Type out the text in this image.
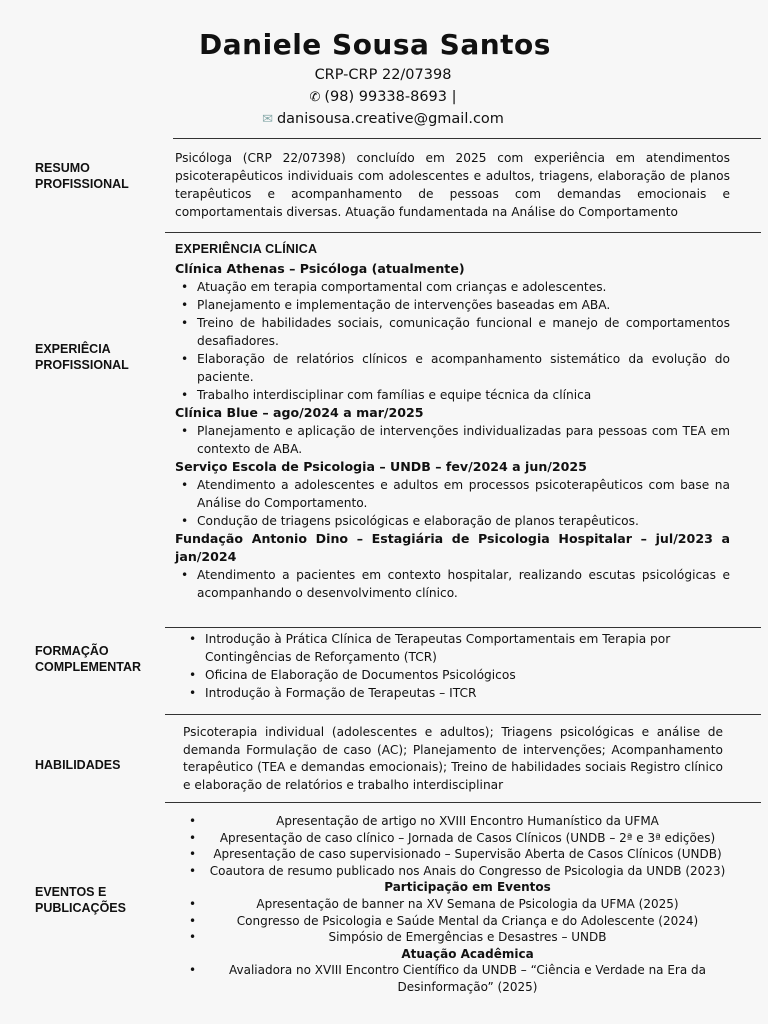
Daniele Sousa Santos
CRP-CRP 22/07398
✆ (98) 99338-8693 |
✉ danisousa.creative@gmail.com
RESUMO PROFISSIONAL
Psicóloga (CRP 22/07398) concluído em 2025 com experiência em atendimentos psicoterapêuticos individuais com adolescentes e adultos, triagens, elaboração de planos terapêuticos e acompanhamento de pessoas com demandas emocionais e comportamentais diversas. Atuação fundamentada na Análise do Comportamento
EXPERIÊCIA PROFISSIONAL
EXPERIÊNCIA CLÍNICA
Clínica Athenas – Psicóloga (atualmente)
• Atuação em terapia comportamental com crianças e adolescentes.
• Planejamento e implementação de intervenções baseadas em ABA.
• Treino de habilidades sociais, comunicação funcional e manejo de comportamentos desafiadores.
• Elaboração de relatórios clínicos e acompanhamento sistemático da evolução do paciente.
• Trabalho interdisciplinar com famílias e equipe técnica da clínica
Clínica Blue – ago/2024 a mar/2025
• Planejamento e aplicação de intervenções individualizadas para pessoas com TEA em contexto de ABA.
Serviço Escola de Psicologia – UNDB – fev/2024 a jun/2025
• Atendimento a adolescentes e adultos em processos psicoterapêuticos com base na Análise do Comportamento.
• Condução de triagens psicológicas e elaboração de planos terapêuticos.
Fundação Antonio Dino – Estagiária de Psicologia Hospitalar – jul/2023 a jan/2024
• Atendimento a pacientes em contexto hospitalar, realizando escutas psicológicas e acompanhando o desenvolvimento clínico.
FORMAÇÃO COMPLEMENTAR
• Introdução à Prática Clínica de Terapeutas Comportamentais em Terapia por Contingências de Reforçamento (TCR)
• Oficina de Elaboração de Documentos Psicológicos
• Introdução à Formação de Terapeutas – ITCR
HABILIDADES
Psicoterapia individual (adolescentes e adultos); Triagens psicológicas e análise de demanda Formulação de caso (AC); Planejamento de intervenções; Acompanhamento terapêutico (TEA e demandas emocionais); Treino de habilidades sociais Registro clínico e elaboração de relatórios e trabalho interdisciplinar
EVENTOS E PUBLICAÇÕES
• Apresentação de artigo no XVIII Encontro Humanístico da UFMA
• Apresentação de caso clínico – Jornada de Casos Clínicos (UNDB – 2ª e 3ª edições)
• Apresentação de caso supervisionado – Supervisão Aberta de Casos Clínicos (UNDB)
• Coautora de resumo publicado nos Anais do Congresso de Psicologia da UNDB (2023)
Participação em Eventos
• Apresentação de banner na XV Semana de Psicologia da UFMA (2025)
• Congresso de Psicologia e Saúde Mental da Criança e do Adolescente (2024)
• Simpósio de Emergências e Desastres – UNDB
Atuação Acadêmica
• Avaliadora no XVIII Encontro Científico da UNDB – “Ciência e Verdade na Era da Desinformação” (2025)
